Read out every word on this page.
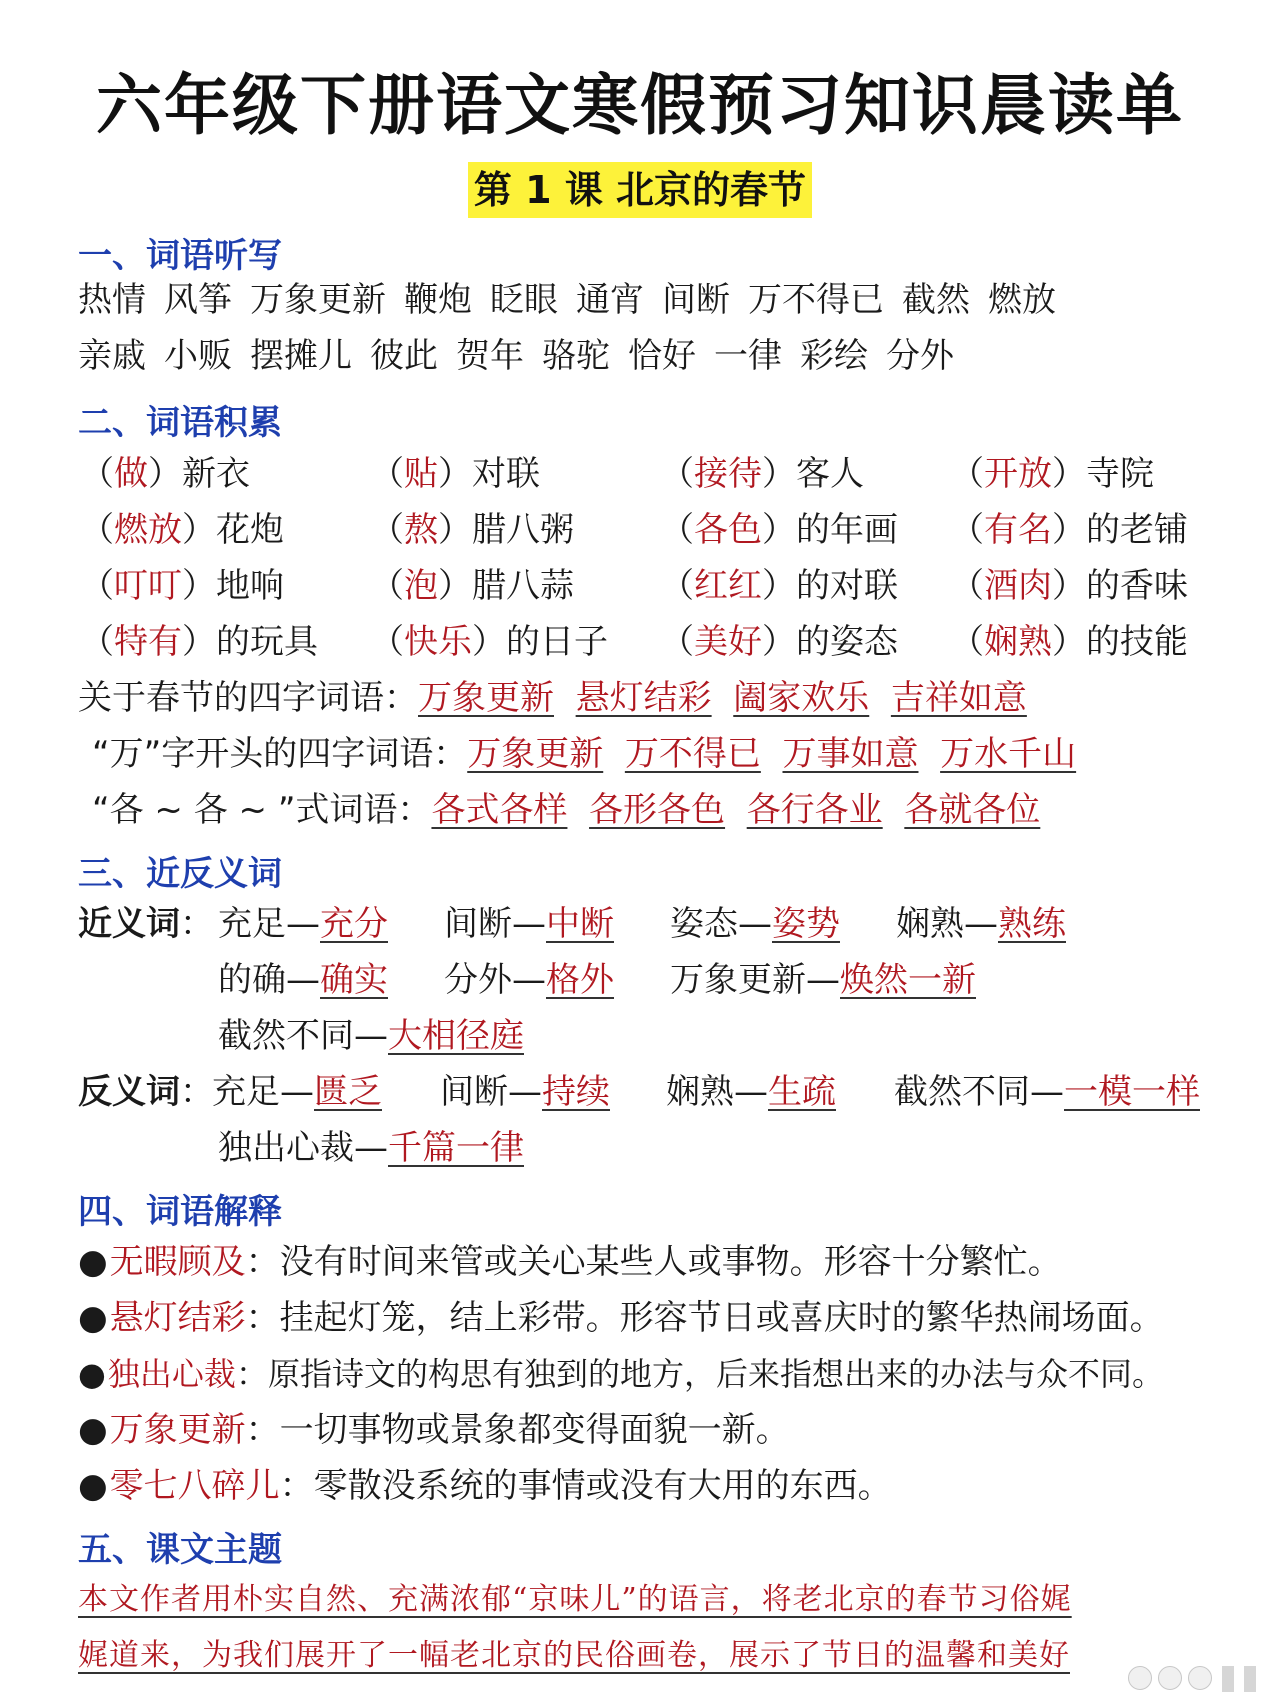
六年级下册语文寒假预习知识晨读单
第 1 课 北京的春节
一、词语听写
热情 风筝 万象更新 鞭炮 眨眼 通宵 间断 万不得已 截然 燃放
亲戚 小贩 摆摊儿 彼此 贺年 骆驼 恰好 一律 彩绘 分外
二、词语积累
（做）新衣	（贴）对联	（接待）客人	（开放）寺院
（燃放）花炮	（熬）腊八粥	（各色）的年画 （有名）的老铺
（叮叮）地响	（泡）腊八蒜	（红红）的对联 （酒肉）的香味
（特有）的玩具 （快乐）的日子 （美好）的姿态 （娴熟）的技能
关于春节的四字词语：万象更新 悬灯结彩 阖家欢乐 吉祥如意
“万”字开头的四字词语：万象更新 万不得已 万事如意 万水千山
“各 ~ 各 ~ ”式词语：各式各样 各形各色 各行各业 各就各位
三、近反义词
近义词： 充足—充分 间断—中断 姿态—姿势 娴熟—熟练
的确—确实 分外—格外 万象更新—焕然一新
截然不同—大相径庭
反义词：
充足—匮乏 间断—持续 娴熟—生疏 截然不同—一模一样
独出心裁—千篇一律
四、词语解释
●无暇顾及：没有时间来管或关心某些人或事物。形容十分繁忙。
●悬灯结彩：挂起灯笼，结上彩带。形容节日或喜庆时的繁华热闹场面。
●独出心裁：原指诗文的构思有独到的地方，后来指想出来的办法与众不同。
●万象更新：一切事物或景象都变得面貌一新。
●零七八碎儿：零散没系统的事情或没有大用的东西。
五、课文主题
本文作者用朴实自然、充满浓郁“京味儿”的语言，将老北京的春节习俗娓
娓道来，为我们展开了一幅老北京的民俗画卷，展示了节日的温馨和美好
